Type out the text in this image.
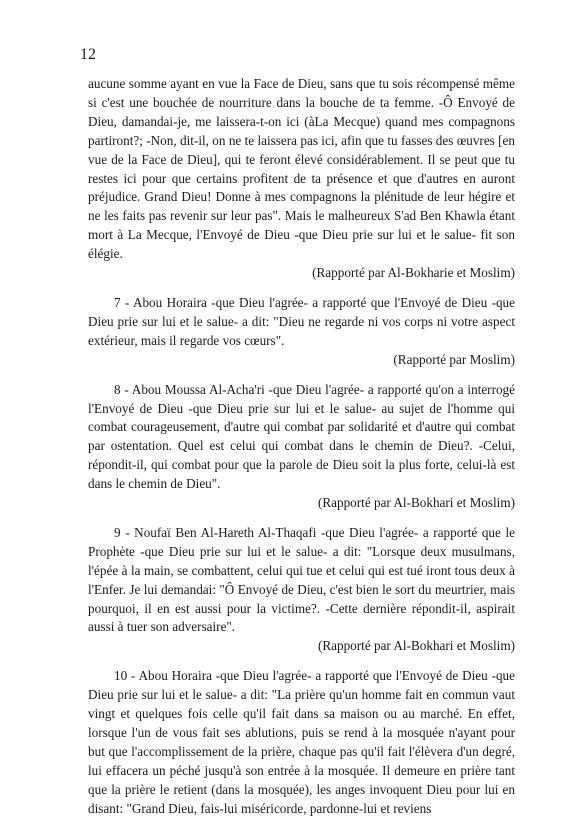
12

aucune somme ayant en vue la Face de Dieu, sans que tu sois récompensé même si c'est une bouchée de nourriture dans la bouche de ta femme. -Ô Envoyé de Dieu, damandai-je, me laissera-t-on ici (àLa Mecque) quand mes compagnons partiront?; -Non, dit-il, on ne te laissera pas ici, afin que tu fasses des œuvres [en vue de la Face de Dieu], qui te feront élevé considérablement. Il se peut que tu restes ici pour que certains profitent de ta présence et que d'autres en auront préjudice. Grand Dieu! Donne à mes compagnons la plénitude de leur hégire et ne les faits pas revenir sur leur pas". Mais le malheureux S'ad Ben Khawla étant mort à La Mecque, l'Envoyé de Dieu -que Dieu prie sur lui et le salue- fit son élégie.

(Rapporté par Al-Bokharie et Moslim)

7 - Abou Horaira -que Dieu l'agrée- a rapporté que l'Envoyé de Dieu -que Dieu prie sur lui et le salue- a dit: "Dieu ne regarde ni vos corps ni votre aspect extérieur, mais il regarde vos cœurs".

(Rapporté par Moslim)

8 - Abou Moussa Al-Acha'ri -que Dieu l'agrée- a rapporté qu'on a interrogé l'Envoyé de Dieu -que Dieu prie sur lui et le salue- au sujet de l'homme qui combat courageusement, d'autre qui combat par solidarité et d'autre qui combat par ostentation. Quel est celui qui combat dans le chemin de Dieu?. -Celui, répondit-il, qui combat pour que la parole de Dieu soit la plus forte, celui-là est dans le chemin de Dieu".

(Rapporté par Al-Bokhari et Moslim)

9 - Noufaï Ben Al-Hareth Al-Thaqafi -que Dieu l'agrée- a rapporté que le Prophète -que Dieu prie sur lui et le salue- a dit: "Lorsque deux musulmans, l'épée à la main, se combattent, celui qui tue et celui qui est tué iront tous deux à l'Enfer. Je lui demandai: "Ô Envoyé de Dieu, c'est bien le sort du meurtrier, mais pourquoi, il en est aussi pour la victime?. -Cette dernière répondit-il, aspirait aussi à tuer son adversaire".

(Rapporté par Al-Bokhari et Moslim)

10 - Abou Horaira -que Dieu l'agrée- a rapporté que l'Envoyé de Dieu -que Dieu prie sur lui et le salue- a dit: "La prière qu'un homme fait en commun vaut vingt et quelques fois celle qu'il fait dans sa maison ou au marché. En effet, lorsque l'un de vous fait ses ablutions, puis se rend à la mosquée n'ayant pour but que l'accomplissement de la prière, chaque pas qu'il fait l'élèvera d'un degré, lui effacera un péché jusqu'à son entrée à la mosquée. Il demeure en prière tant que la prière le retient (dans la mosquée), les anges invoquent Dieu pour lui en disant: "Grand Dieu, fais-lui miséricorde, pardonne-lui et reviens
